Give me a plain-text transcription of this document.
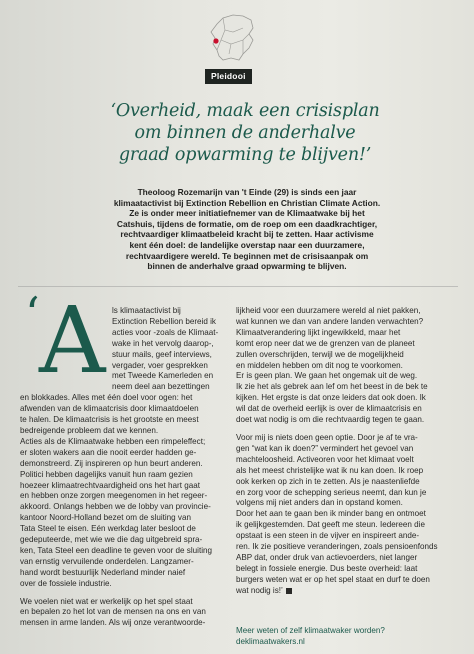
Pleidooi
‘Overheid, maak een crisisplan
om binnen de anderhalve
graad opwarming te blijven!’
Theoloog Rozemarijn van 't Einde (29) is sinds een jaar
klimaatactivist bij Extinction Rebellion en Christian Climate Action.
Ze is onder meer initiatiefnemer van de Klimaatwake bij het
Catshuis, tijdens de formatie, om de roep om een daadkrachtiger,
rechtvaardiger klimaatbeleid kracht bij te zetten. Haar activisme
kent één doel: de landelijke overstap naar een duurzamere,
rechtvaardigere wereld. Te beginnen met de crisisaanpak om
binnen de anderhalve graad opwarming te blijven.
‘ A ls klimaatactivist bij

Extinction Rebellion bereid ik

acties voor -zoals de Klimaat-

wake in het vervolg daarop-,

stuur mails, geef interviews,

vergader, voer gesprekken

met Tweede Kamerleden en

neem deel aan bezettingen

en blokkades. Alles met één doel voor ogen: het

afwenden van de klimaatcrisis door klimaatdoelen

te halen. De klimaatcrisis is het grootste en meest

bedreigende probleem dat we kennen.

Acties als de Klimaatwake hebben een rimpeleffect;

er sloten wakers aan die nooit eerder hadden ge-

demonstreerd. Zij inspireren op hun beurt anderen.

Politici hebben dagelijks vanuit hun raam gezien

hoezeer klimaatrechtvaardigheid ons het hart gaat

en hebben onze zorgen meegenomen in het regeer-

akkoord. Onlangs hebben we de lobby van provincie-

kantoor Noord-Holland bezet om de sluiting van

Tata Steel te eisen. Eén werkdag later besloot de

gedeputeerde, met wie we die dag uitgebreid spra-

ken, Tata Steel een deadline te geven voor de sluiting

van ernstig vervuilende onderdelen. Langzamer-

hand wordt bestuurlijk Nederland minder naief

over de fossiele industrie.

We voelen niet wat er werkelijk op het spel staat

en bepalen zo het lot van de mensen na ons en van

mensen in arme landen. Als wij onze verantwoorde-

lijkheid voor een duurzamere wereld al niet pakken,

wat kunnen we dan van andere landen verwachten?

Klimaatverandering lijkt ingewikkeld, maar het

komt erop neer dat we de grenzen van de planeet

zullen overschrijden, terwijl we de mogelijkheid

en middelen hebben om dit nog te voorkomen.

Er is geen plan. We gaan het ongemak uit de weg.

Ik zie het als gebrek aan lef om het beest in de bek te

kijken. Het ergste is dat onze leiders dat ook doen. Ik

wil dat de overheid eerlijk is over de klimaatcrisis en

doet wat nodig is om die rechtvaardig tegen te gaan.

Voor mij is niets doen geen optie. Door je af te vra-

gen “wat kan ik doen?” vermindert het gevoel van

machteloosheid. Activeoren voor het klimaat voelt

als het meest christelijke wat ik nu kan doen. Ik roep

ook kerken op zich in te zetten. Als je naastenliefde

en zorg voor de schepping serieus neemt, dan kun je

volgens mij niet anders dan in opstand komen.

Door het aan te gaan ben ik minder bang en ontmoet

ik gelijkgestemden. Dat geeft me steun. Iedereen die

opstaat is een steen in de vijver en inspireert ande-

ren. Ik zie positieve veranderingen, zoals pensioenfonds

ABP dat, onder druk van actievoerders, niet langer

belegt in fossiele energie. Dus beste overheid: laat

burgers weten wat er op het spel staat en durf te doen

wat nodig is!’

Meer weten of zelf klimaatwaker worden?

deklimaatwakers.nl
